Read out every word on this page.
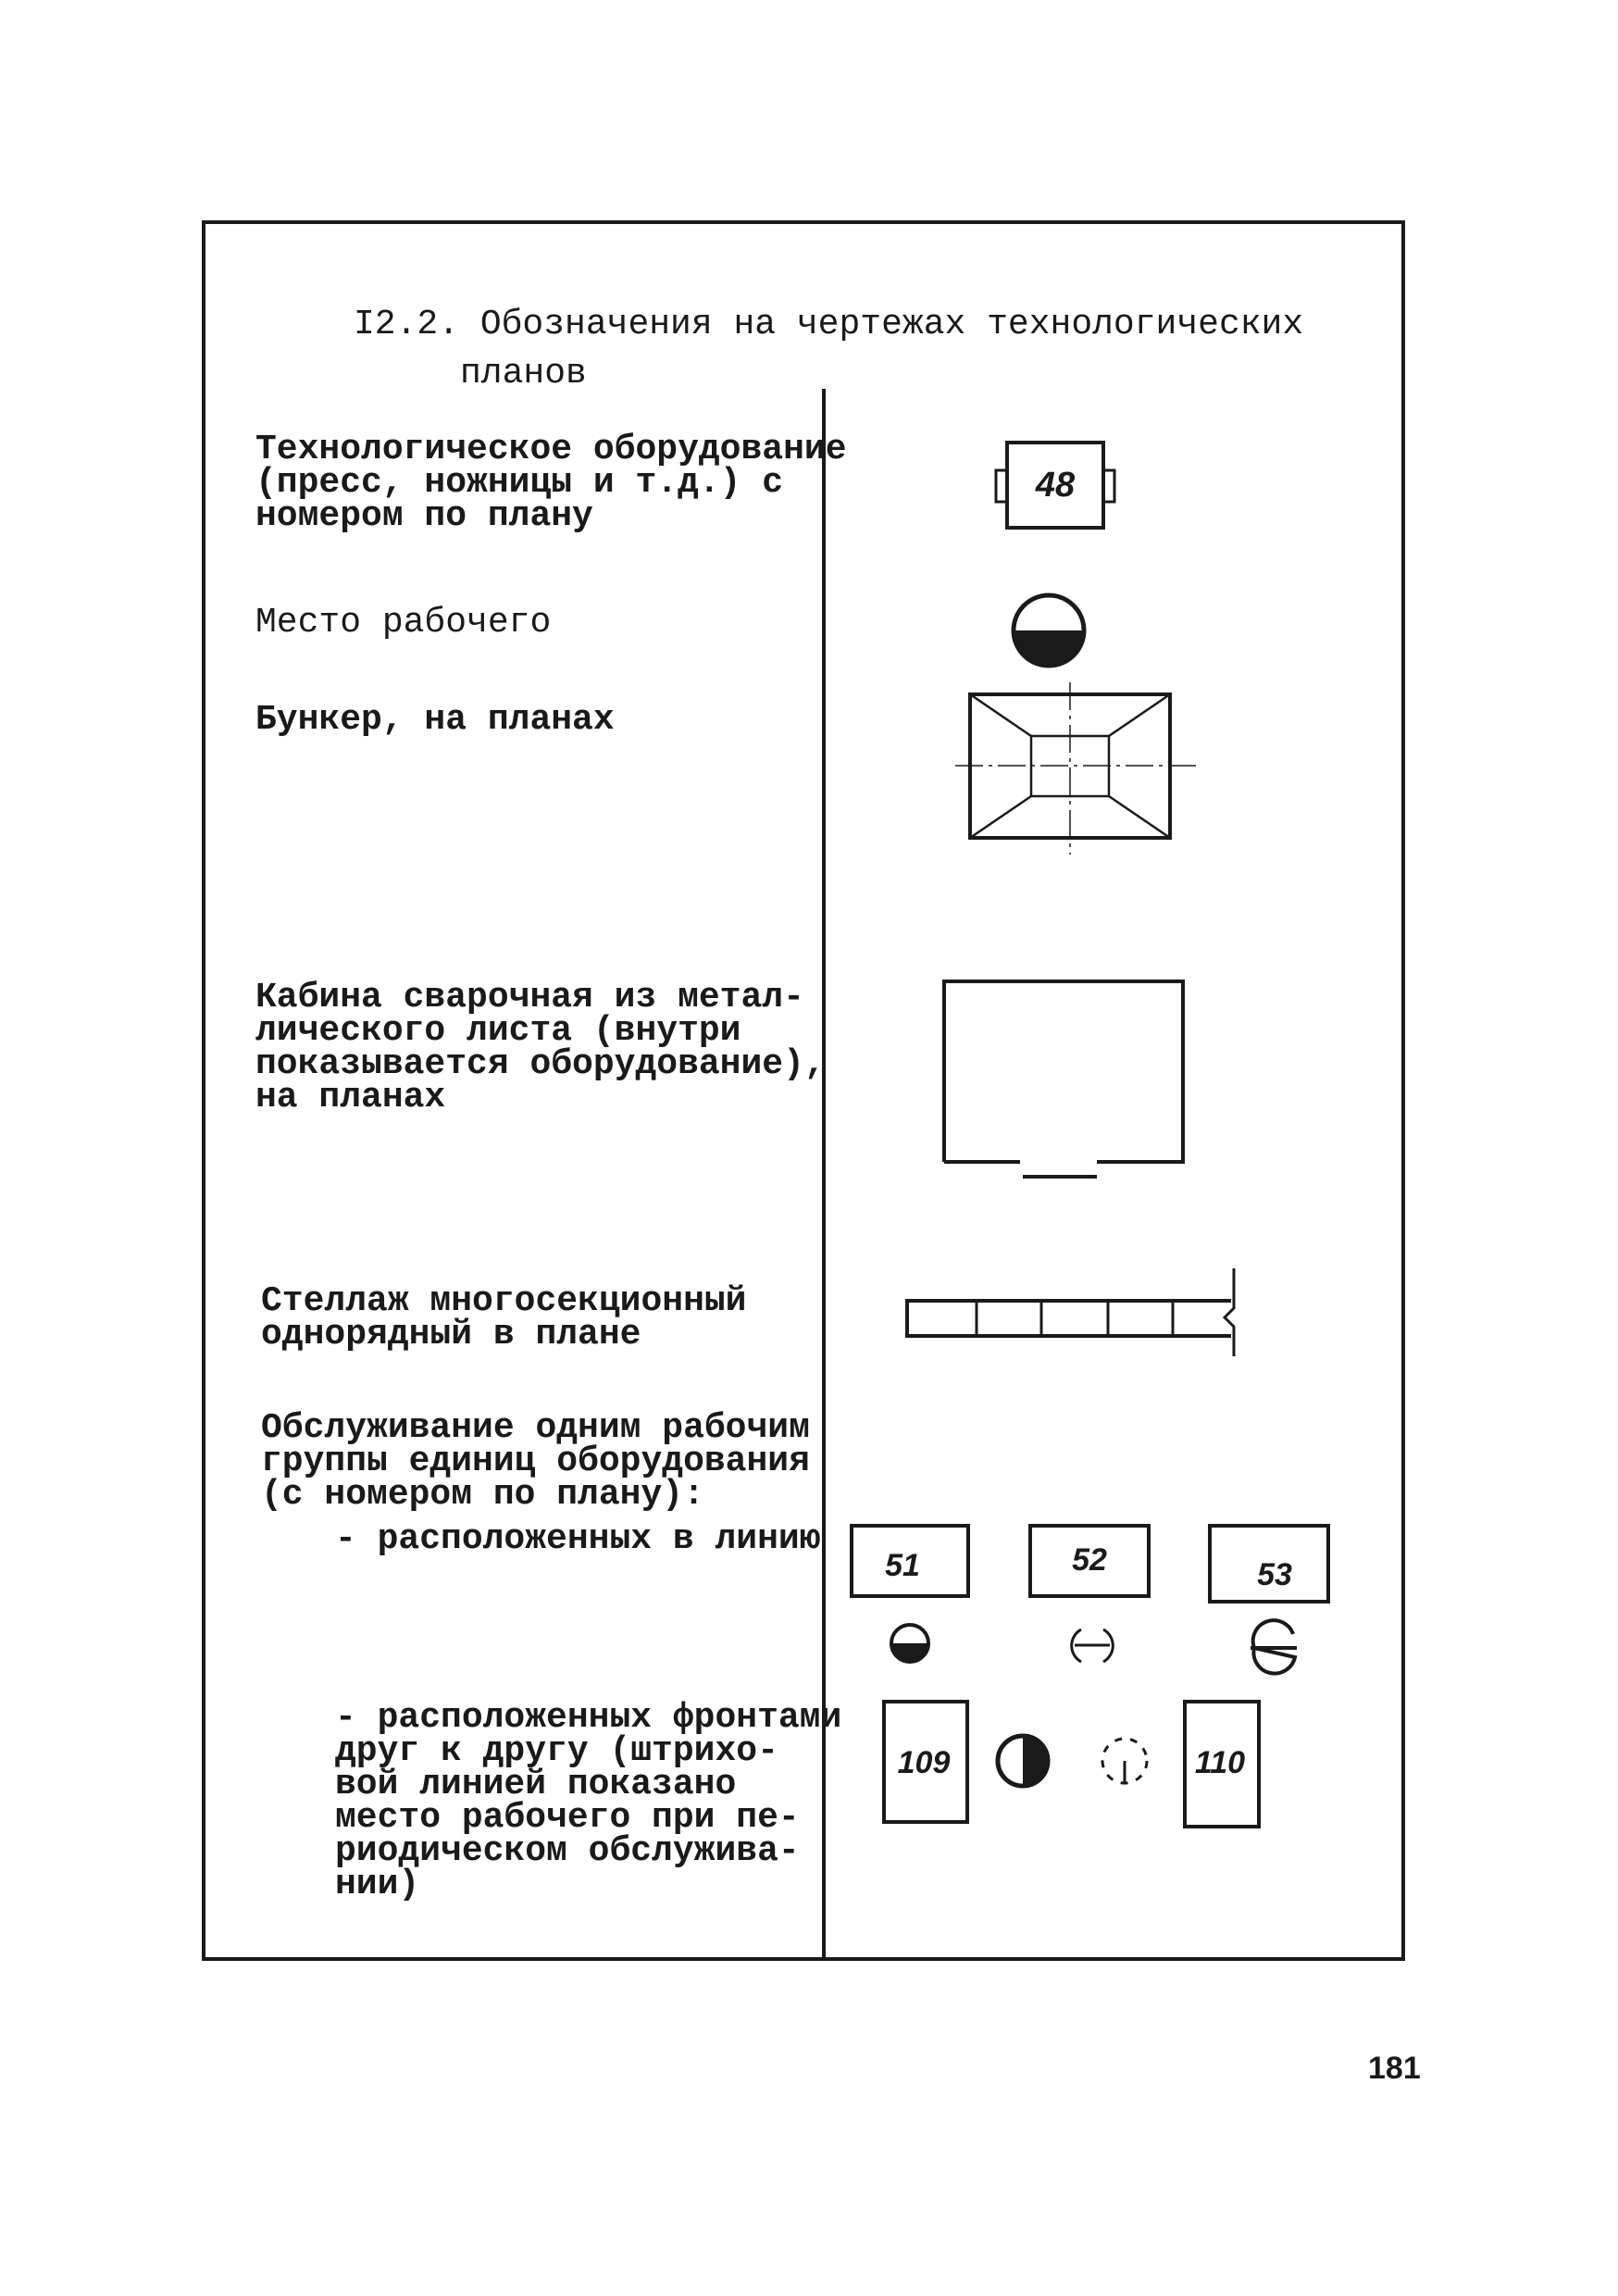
I2.2. Обозначения на чертежах технологических
планов
Технологическое оборудование
(пресс, ножницы и т.д.) с
номером по плану
48
Место рабочего
Бункер, на планах
Кабина сварочная из метал-
лического листа (внутри
показывается оборудование),
на планах
Стеллаж многосекционный
однорядный в плане
Обслуживание одним рабочим
группы единиц оборудования
(с номером по плану):
- расположенных в линию
51	52	53
- расположенных фронтами
друг к другу (штрихо-
вой линией показано
место рабочего при пе-
риодическом обслужива-
нии)
109	110
181
